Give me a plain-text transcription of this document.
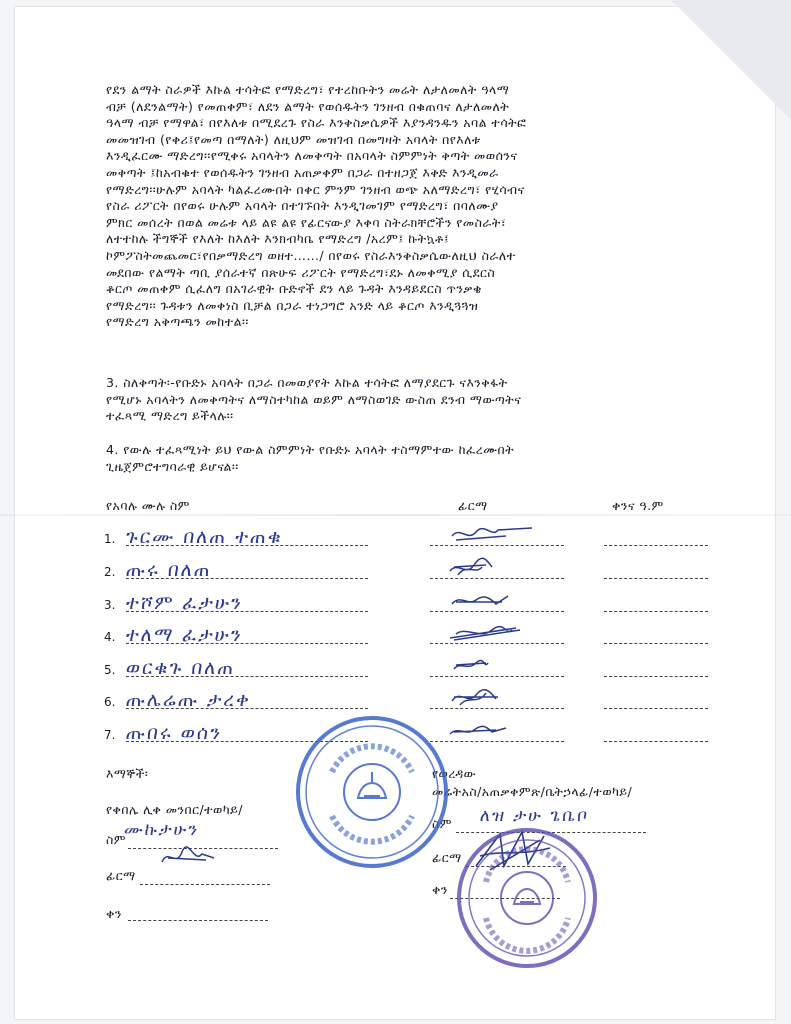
የደን ልማት ስራዎች እኩል ተሳትፎ የማድረግ፣ የተረከቡትን መሬት ለታለመለት ዓላማ
ብቻ (ለደንልማት) የመጠቀም፣ ለደን ልማት የወሰዱትን ገንዘብ በቁጠባና ለታለመለት
ዓላማ ብቻ የማዋል፣ በየእለቱ በሚደረጉ የስራ እንቅስቃሴዎች እያንዳንዱን አባል ተሳትፎ
መመዝገብ (የቀሪ፤የመጣ በማለት) ለዚህም መዝገብ በመግዛት አባላት በየእለቱ
እንዲፈርሙ ማድረግ፡፡የሚቀሩ አባላትን ለመቅጣት በአባላት ስምምነት ቅጣት መወሰንና
መቅጣት ፤ከአብቁተ የወሰዱትን ገንዘብ አጠቃቀም በጋራ በተዘጋጀ እቅድ እንዲመራ
የማድረግ፡፡ሁሉም አባላት ካልፈረሙበት በቀር ምንም ገንዘብ ወጭ አለማድረግ፣ የሂሳብና
የስራ ሪፖርት በየወሩ ሁሉም አባላት በተገኙበት እንዲገመገም የማድረግ፣ በባለሙያ
ምክር መሰረት በወል መሬቱ ላይ ልዩ ልዩ የፊርናውያ እቀባ ስትራክቸሮችን የመስራት፣
ለተተከሉ ችግኞች የእለት ከእለት እንክብካቤ የማድረግ /አረም፤ ኩትኳቶ፤
ኮምፖስትመጨመር፣የበቃማድረግ ወዘተ……/ በየወሩ የስራእንቅስቃሴውለዚህ ስራለተ
መደበው የልማት ጣቢ ያሰራተኛ በጽሁፍ ሪፖርት የማድረግ፣ደኑ ለመቀሚያ ሲደርስ
ቆርጦ መጠቀም ሲፈለግ በአገራዊት ቡድኖች ደን ላይ ጉዳት እንዳይደርስ ጥንቃቄ
የማድረግ፡፡ ጉዳቱን ለመቀነስ ቢቻል በጋራ ተነጋግሮ አንድ ላይ ቆርጦ እንዲጓጓዝ
የማድረግ አቅጣጫን መከተል፡፡
3. ስለቅጣት፡-የቡድኑ አባላት በጋራ በመወያየት እኩል ተሳትፎ ለማያደርጉ ናእንቅፋት
የሚሆኑ አባላትን ለመቅጣትና ለማስተካከል ወይም ለማስወገድ ውስጠ ደንብ ማውጣትና
ተፈጻሚ ማድረግ ይችላሉ፡፡
4. የውሉ ተፈጻሚነት ይህ የውል ስምምነት የቡድኑ አባላት ተስማምተው ከፈረሙበት
ጊዜጀምሮተግባራዊ ይሆናል፡፡
የአባሉ ሙሉ ስም	ፊርማ	ቀንና ዓ.ም
1. ጉርሙ በለጠ ተጠቁ
2. ጡሩ በለጠ
3. ተሾም ፈታሁን
4. ተለማ ፈታሁን
5. ወርቁጉ በለጠ
6. ጡሌሬጡ ታረቀ
7. ጡበሩ ወሰን
እማኞች፡
የቀበሌ ሊቀ መንበር/ተወካይ/
ስም
ሙኩታሁን
ፊርማ
ቀን
የወረዳው
መሬትአስ/አጠቃቀምጽ/ቤትኃላፊ/ተወካይ/
ስም ለዝ ታሁ ጌቤቦ
ፊርማ
ቀን
